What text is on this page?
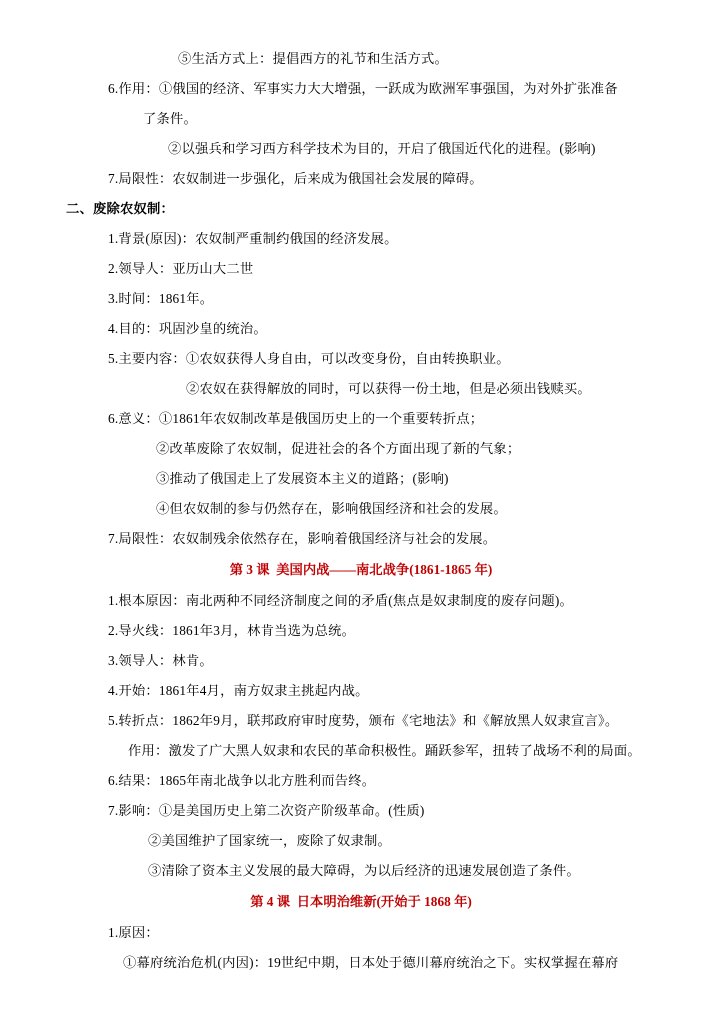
⑤生活方式上：提倡西方的礼节和生活方式。
6.作用：①俄国的经济、军事实力大大增强，一跃成为欧洲军事强国，为对外扩张准备
了条件。
②以强兵和学习西方科学技术为目的，开启了俄国近代化的进程。(影响)
7.局限性：农奴制进一步强化，后来成为俄国社会发展的障碍。
二、废除农奴制：
1.背景(原因)：农奴制严重制约俄国的经济发展。
2.领导人：亚历山大二世
3.时间：1861年。
4.目的：巩固沙皇的统治。
5.主要内容：①农奴获得人身自由，可以改变身份，自由转换职业。
②农奴在获得解放的同时，可以获得一份土地，但是必须出钱赎买。
6.意义：①1861年农奴制改革是俄国历史上的一个重要转折点；
②改革废除了农奴制，促进社会的各个方面出现了新的气象；
③推动了俄国走上了发展资本主义的道路；(影响)
④但农奴制的参与仍然存在，影响俄国经济和社会的发展。
7.局限性：农奴制残余依然存在，影响着俄国经济与社会的发展。
第 3 课  美国内战——南北战争(1861-1865 年)
1.根本原因：南北两种不同经济制度之间的矛盾(焦点是奴隶制度的废存问题)。
2.导火线：1861年3月，林肯当选为总统。
3.领导人：林肯。
4.开始：1861年4月，南方奴隶主挑起内战。
5.转折点：1862年9月，联邦政府审时度势，颁布《宅地法》和《解放黑人奴隶宣言》。
作用：激发了广大黑人奴隶和农民的革命积极性。踊跃参军，扭转了战场不利的局面。
6.结果：1865年南北战争以北方胜利而告终。
7.影响：①是美国历史上第二次资产阶级革命。(性质)
②美国维护了国家统一，废除了奴隶制。
③清除了资本主义发展的最大障碍，为以后经济的迅速发展创造了条件。
第 4 课  日本明治维新(开始于 1868 年)
1.原因：
①幕府统治危机(内因)：19世纪中期，日本处于德川幕府统治之下。实权掌握在幕府
